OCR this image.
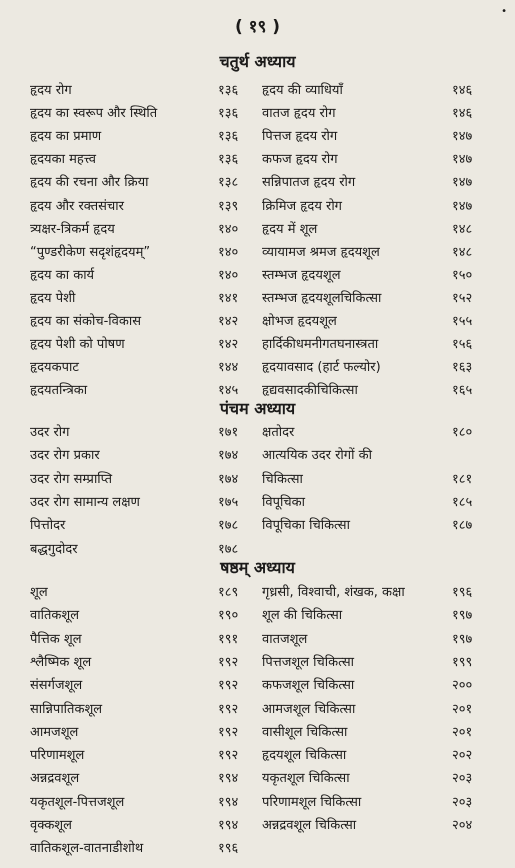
( १९ )
•
चतुर्थ अध्याय
हृदय रोग	१३६ हृदय की व्याधियाँ	१४६
हृदय का स्वरूप और स्थिति	१३६ वातज हृदय रोग	१४६
हृदय का प्रमाण	१३६ पित्तज हृदय रोग	१४७
हृदयका महत्त्व	१३६ कफज हृदय रोग	१४७
हृदय की रचना और क्रिया	१३८ सन्निपातज हृदय रोग	१४७
हृदय और रक्तसंचार	१३९ क्रिमिज हृदय रोग	१४७
त्र्यक्षर-त्रिकर्म हृदय	१४० हृदय में शूल	१४८
“पुण्डरीकेण सदृशंहृदयम्”	१४० व्यायामज श्रमज हृदयशूल	१४८
हृदय का कार्य	१४० स्तम्भज हृदयशूल	१५०
हृदय पेशी	१४१ स्तम्भज हृदयशूलचिकित्सा	१५२
हृदय का संकोच-विकास	१४२ क्षोभज हृदयशूल	१५५
हृदय पेशी को पोषण	१४२ हार्दिकीधमनीगतघनास्त्रता	१५६
हृदयकपाट	१४४ हृदयावसाद (हार्ट फल्योर)	१६३
हृदयतन्त्रिका	१४५ हृद्यवसादकीचिकित्सा	१६५
पंचम अध्याय
उदर रोग	१७१ क्षतोदर	१८०
उदर रोग प्रकार	१७४ आत्ययिक उदर रोगों की
उदर रोग सम्प्राप्ति	१७४ चिकित्सा	१८१
उदर रोग सामान्य लक्षण	१७५ विपूचिका	१८५
पित्तोदर	१७८ विपूचिका चिकित्सा	१८७
बद्धगुदोदर	१७८
षष्ठम् अध्याय
शूल	१८९ गृध्रसी, विश्वाची, शंखक, कक्षा	१९६
वातिकशूल	१९० शूल की चिकित्सा	१९७
पैत्तिक शूल	१९१ वातजशूल	१९७
श्लैष्मिक शूल	१९२ पित्तजशूल चिकित्सा	१९९
संसर्गजशूल	१९२ कफजशूल चिकित्सा	२००
सान्निपातिकशूल	१९२ आमजशूल चिकित्सा	२०१
आमजशूल	१९२ वासीशूल चिकित्सा	२०१
परिणामशूल	१९२ हृदयशूल चिकित्सा	२०२
अन्नद्रवशूल	१९४ यकृतशूल चिकित्सा	२०३
यकृतशूल-पित्तजशूल	१९४ परिणामशूल चिकित्सा	२०३
वृक्कशूल	१९४ अन्नद्रवशूल चिकित्सा	२०४
वातिकशूल-वातनाडीशोथ	१९६
